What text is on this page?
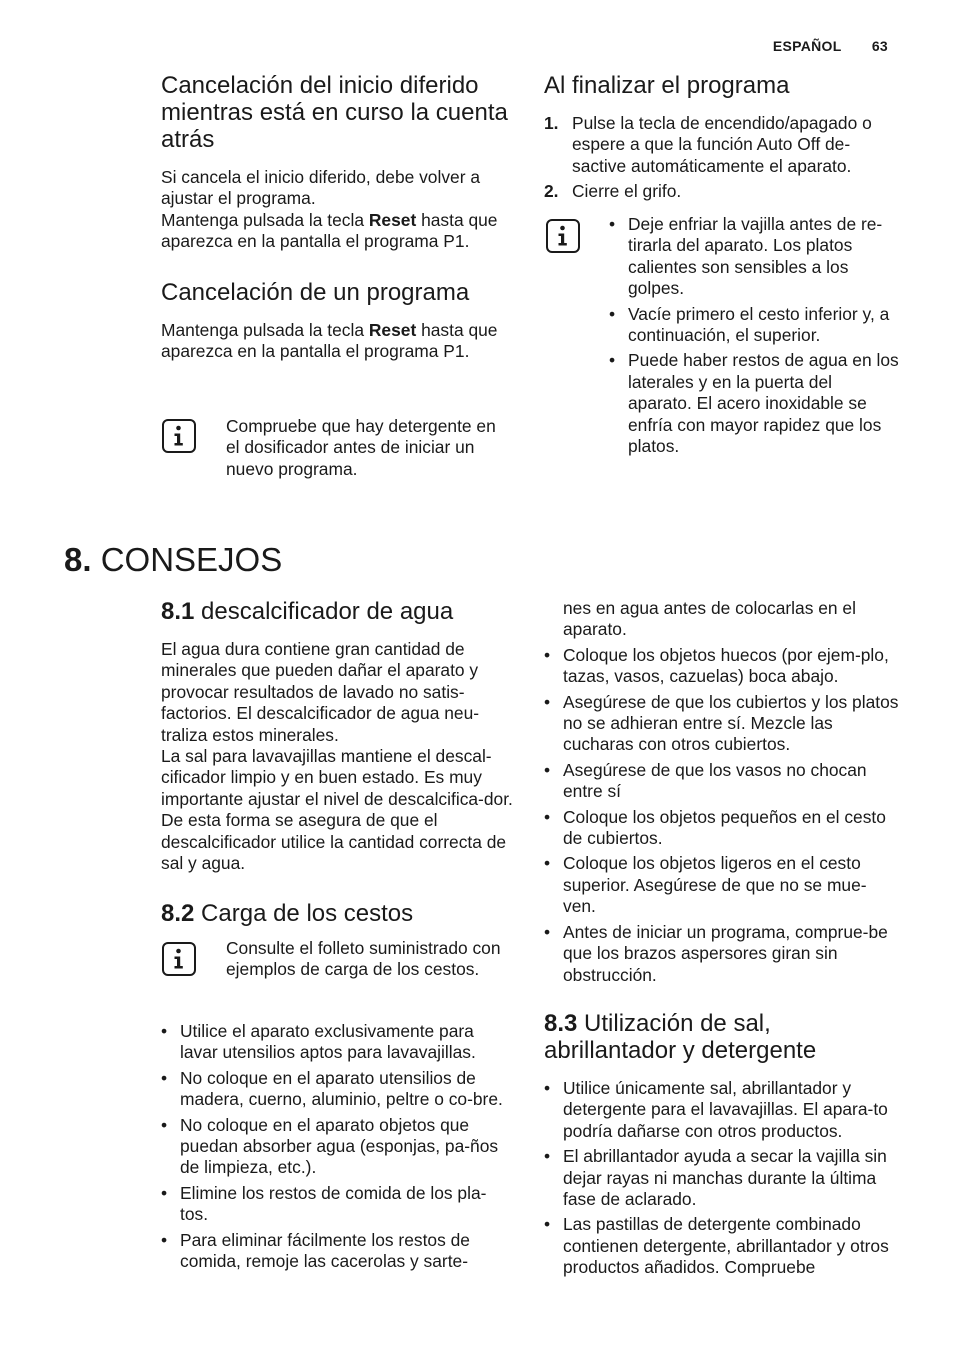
ESPAÑOL 63
Cancelación del inicio diferido mientras está en curso la cuenta atrás

Si cancela el inicio diferido, debe volver a ajustar el programa.

Mantenga pulsada la tecla Reset hasta que aparezca en la pantalla el programa P1.

Cancelación de un programa

Mantenga pulsada la tecla Reset hasta que aparezca en la pantalla el programa P1.

Compruebe que hay detergente en el dosificador antes de iniciar un nuevo programa.

Al finalizar el programa
1. Pulse la tecla de encendido/apagado o espere a que la función Auto Off de-sactive automáticamente el aparato.
2. Cierre el grifo.
• Deje enfriar la vajilla antes de re-tirarla del aparato. Los platos calientes son sensibles a los golpes.
• Vacíe primero el cesto inferior y, a continuación, el superior.
• Puede haber restos de agua en los laterales y en la puerta del aparato. El acero inoxidable se enfría con mayor rapidez que los platos.
8. CONSEJOS
8.1 descalcificador de agua

El agua dura contiene gran cantidad de minerales que pueden dañar el aparato y provocar resultados de lavado no satis-factorios. El descalcificador de agua neu-traliza estos minerales.

La sal para lavavajillas mantiene el descal-cificador limpio y en buen estado. Es muy importante ajustar el nivel de descalcifica-dor. De esta forma se asegura de que el descalcificador utilice la cantidad correcta de sal y agua.

8.2 Carga de los cestos

Consulte el folleto suministrado con ejemplos de carga de los cestos.

• Utilice el aparato exclusivamente para lavar utensilios aptos para lavavajillas.
• No coloque en el aparato utensilios de madera, cuerno, aluminio, peltre o co-bre.
• No coloque en el aparato objetos que puedan absorber agua (esponjas, pa-ños de limpieza, etc.).
• Elimine los restos de comida de los pla-tos.
• Para eliminar fácilmente los restos de comida, remoje las cacerolas y sarte-

nes en agua antes de colocarlas en el aparato.

• Coloque los objetos huecos (por ejem-plo, tazas, vasos, cazuelas) boca abajo.
• Asegúrese de que los cubiertos y los platos no se adhieran entre sí. Mezcle las cucharas con otros cubiertos.
• Asegúrese de que los vasos no chocan entre sí
• Coloque los objetos pequeños en el cesto de cubiertos.
• Coloque los objetos ligeros en el cesto superior. Asegúrese de que no se mue-ven.
• Antes de iniciar un programa, comprue-be que los brazos aspersores giran sin obstrucción.
8.3 Utilización de sal, abrillantador y detergente
• Utilice únicamente sal, abrillantador y detergente para el lavavajillas. El apara-to podría dañarse con otros productos.
• El abrillantador ayuda a secar la vajilla sin dejar rayas ni manchas durante la última fase de aclarado.
• Las pastillas de detergente combinado contienen detergente, abrillantador y otros productos añadidos. Compruebe
